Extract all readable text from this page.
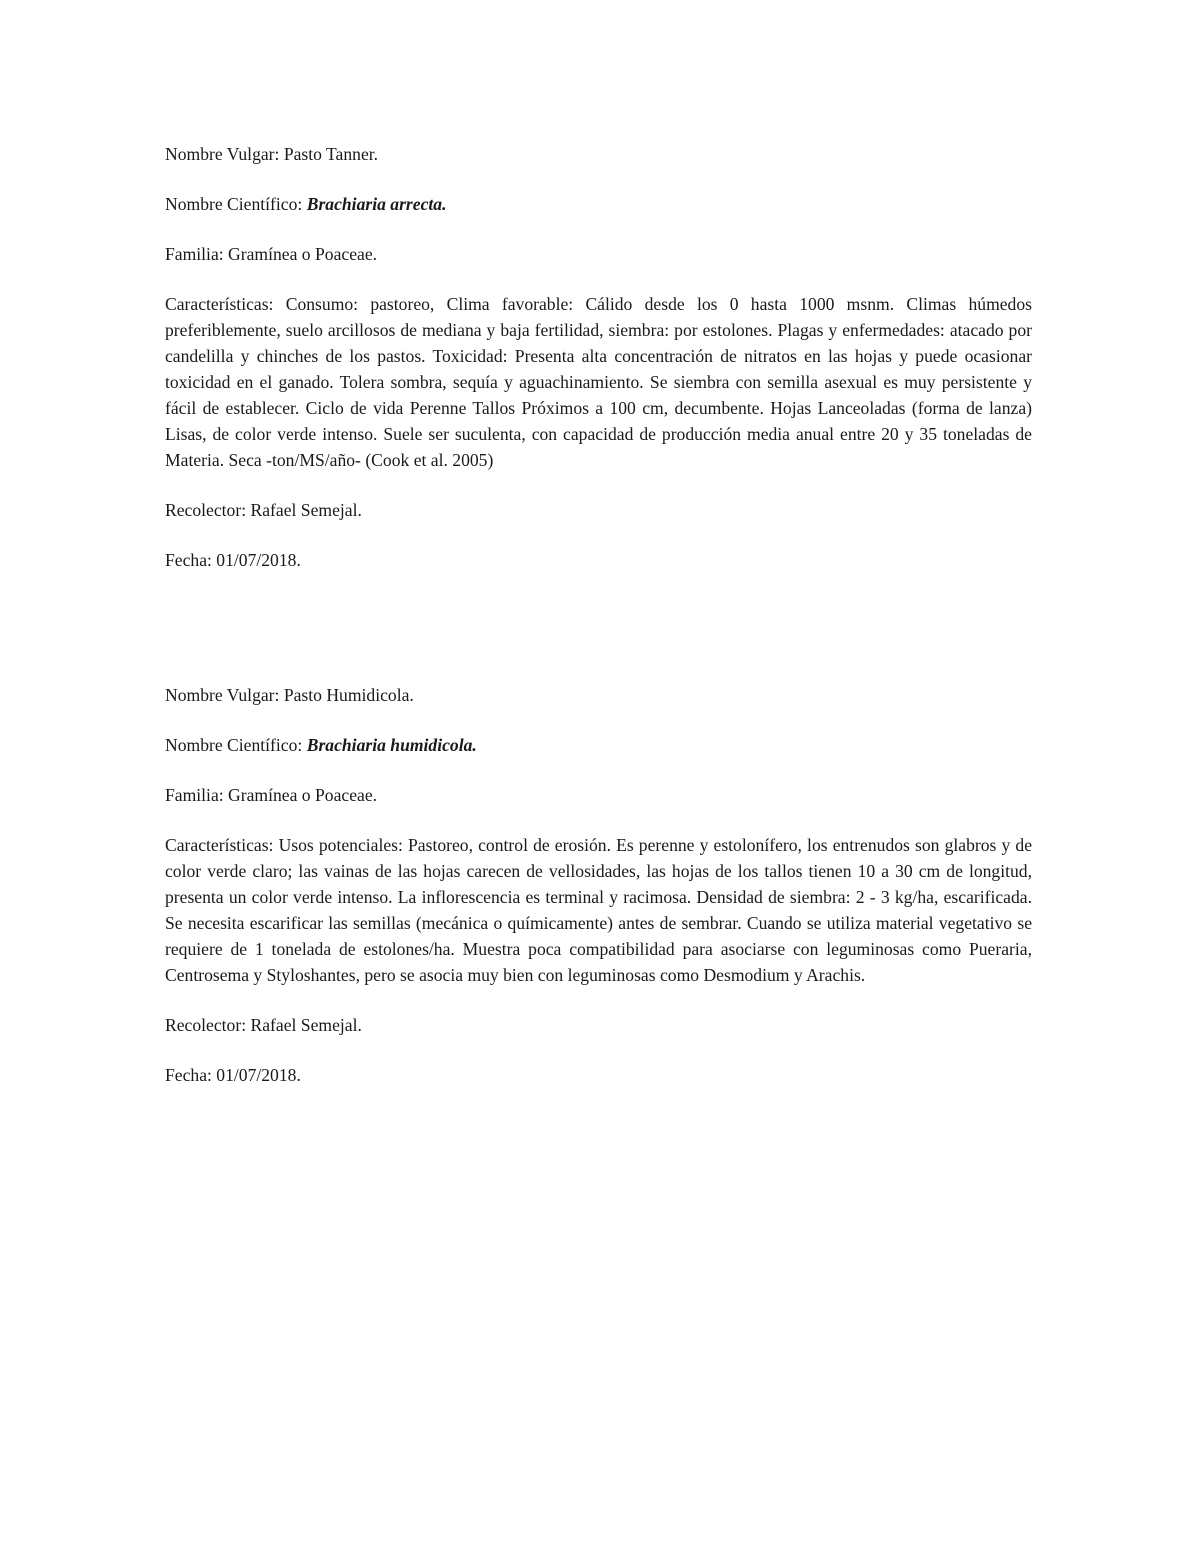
Nombre Vulgar: Pasto Tanner.

Nombre Científico: Brachiaria arrecta.

Familia: Gramínea o Poaceae.

Características: Consumo: pastoreo, Clima favorable: Cálido desde los 0 hasta 1000 msnm. Climas húmedos preferiblemente, suelo arcillosos de mediana y baja fertilidad, siembra: por estolones. Plagas y enfermedades: atacado por candelilla y chinches de los pastos. Toxicidad: Presenta alta concentración de nitratos en las hojas y puede ocasionar toxicidad en el ganado. Tolera sombra, sequía y aguachinamiento. Se siembra con semilla asexual es muy persistente y fácil de establecer. Ciclo de vida Perenne Tallos Próximos a 100 cm, decumbente. Hojas Lanceoladas (forma de lanza) Lisas, de color verde intenso. Suele ser suculenta, con capacidad de producción media anual entre 20 y 35 toneladas de Materia. Seca -ton/MS/año- (Cook et al. 2005)

Recolector: Rafael Semejal.

Fecha: 01/07/2018.

Nombre Vulgar: Pasto Humidicola.

Nombre Científico: Brachiaria humidicola.

Familia: Gramínea o Poaceae.

Características: Usos potenciales: Pastoreo, control de erosión. Es perenne y estolonífero, los entrenudos son glabros y de color verde claro; las vainas de las hojas carecen de vellosidades, las hojas de los tallos tienen 10 a 30 cm de longitud, presenta un color verde intenso. La inflorescencia es terminal y racimosa. Densidad de siembra: 2 - 3 kg/ha, escarificada. Se necesita escarificar las semillas (mecánica o químicamente) antes de sembrar. Cuando se utiliza material vegetativo se requiere de 1 tonelada de estolones/ha. Muestra poca compatibilidad para asociarse con leguminosas como Pueraria, Centrosema y Styloshantes, pero se asocia muy bien con leguminosas como Desmodium y Arachis.

Recolector: Rafael Semejal.

Fecha: 01/07/2018.
